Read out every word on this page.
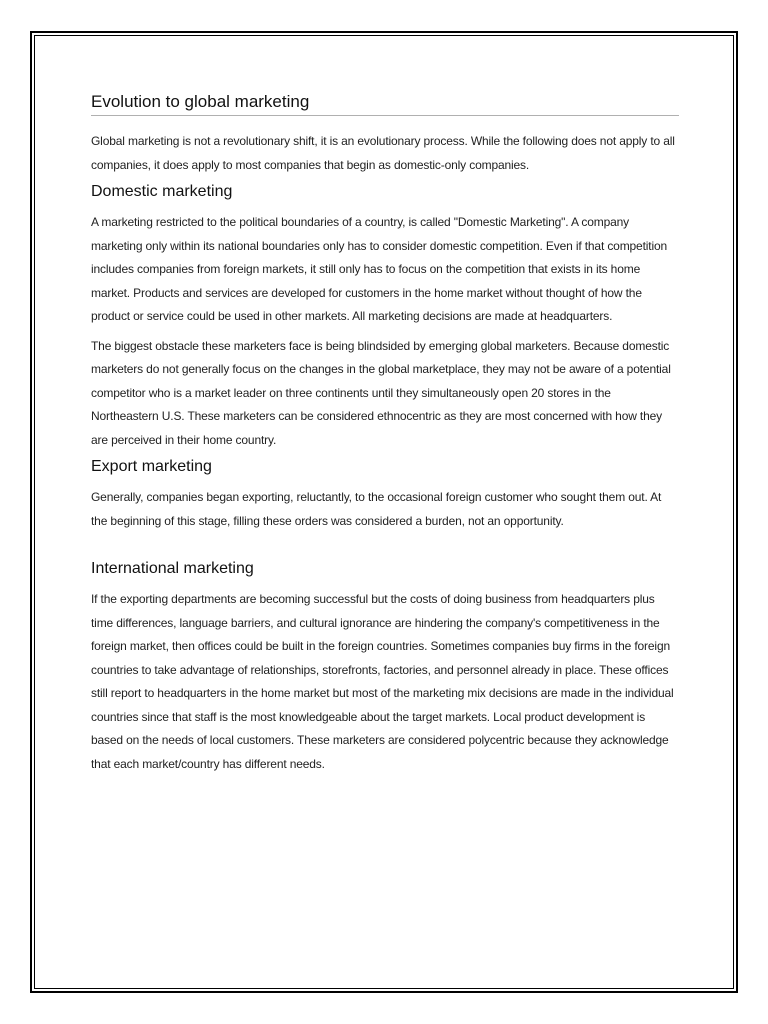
Evolution to global marketing

Global marketing is not a revolutionary shift, it is an evolutionary process. While the following does not apply to all companies, it does apply to most companies that begin as domestic-only companies.

Domestic marketing

A marketing restricted to the political boundaries of a country, is called "Domestic Marketing". A company marketing only within its national boundaries only has to consider domestic competition. Even if that competition includes companies from foreign markets, it still only has to focus on the competition that exists in its home market. Products and services are developed for customers in the home market without thought of how the product or service could be used in other markets. All marketing decisions are made at headquarters.

The biggest obstacle these marketers face is being blindsided by emerging global marketers. Because domestic marketers do not generally focus on the changes in the global marketplace, they may not be aware of a potential competitor who is a market leader on three continents until they simultaneously open 20 stores in the Northeastern U.S. These marketers can be considered ethnocentric as they are most concerned with how they are perceived in their home country.

Export marketing

Generally, companies began exporting, reluctantly, to the occasional foreign customer who sought them out. At the beginning of this stage, filling these orders was considered a burden, not an opportunity.

International marketing

If the exporting departments are becoming successful but the costs of doing business from headquarters plus time differences, language barriers, and cultural ignorance are hindering the company's competitiveness in the foreign market, then offices could be built in the foreign countries. Sometimes companies buy firms in the foreign countries to take advantage of relationships, storefronts, factories, and personnel already in place. These offices still report to headquarters in the home market but most of the marketing mix decisions are made in the individual countries since that staff is the most knowledgeable about the target markets. Local product development is based on the needs of local customers. These marketers are considered polycentric because they acknowledge that each market/country has different needs.
